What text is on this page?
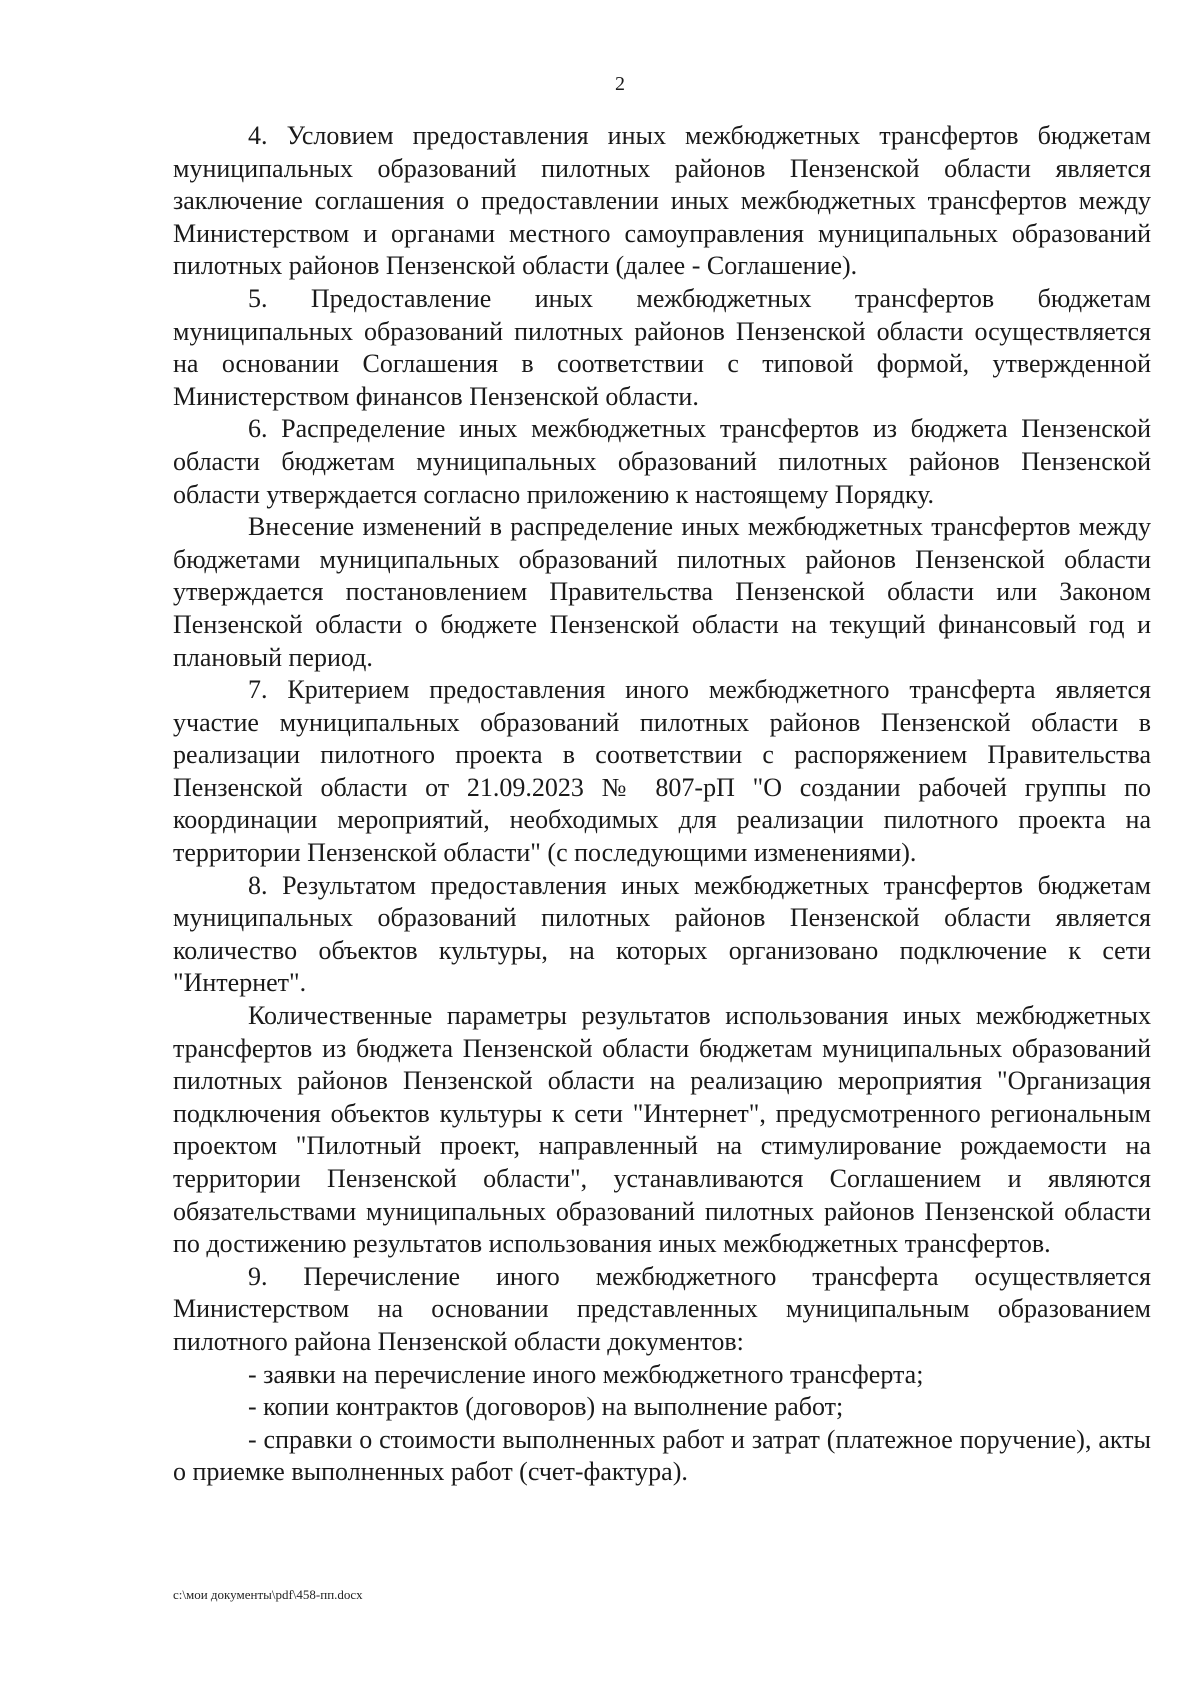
2

4. Условием предоставления иных межбюджетных трансфертов бюджетам муниципальных образований пилотных районов Пензенской области является заключение соглашения о предоставлении иных межбюджетных трансфертов между Министерством и органами местного самоуправления муниципальных образований пилотных районов Пензенской области (далее - Соглашение).

5. Предоставление иных межбюджетных трансфертов бюджетам муниципальных образований пилотных районов Пензенской области осуществляется на основании Соглашения в соответствии с типовой формой, утвержденной Министерством финансов Пензенской области.

6. Распределение иных межбюджетных трансфертов из бюджета Пензенской области бюджетам муниципальных образований пилотных районов Пензенской области утверждается согласно приложению к настоящему Порядку.

Внесение изменений в распределение иных межбюджетных трансфертов между бюджетами муниципальных образований пилотных районов Пензенской области утверждается постановлением Правительства Пензенской области или Законом Пензенской области о бюджете Пензенской области на текущий финансовый год и плановый период.

7. Критерием предоставления иного межбюджетного трансферта является участие муниципальных образований пилотных районов Пензенской области в реализации пилотного проекта в соответствии с распоряжением Правительства Пензенской области от 21.09.2023 № 807-рП "О создании рабочей группы по координации мероприятий, необходимых для реализации пилотного проекта на территории Пензенской области" (с последующими изменениями).

8. Результатом предоставления иных межбюджетных трансфертов бюджетам муниципальных образований пилотных районов Пензенской области является количество объектов культуры, на которых организовано подключение к сети "Интернет".

Количественные параметры результатов использования иных межбюджетных трансфертов из бюджета Пензенской области бюджетам муниципальных образований пилотных районов Пензенской области на реализацию мероприятия "Организация подключения объектов культуры к сети "Интернет", предусмотренного региональным проектом "Пилотный проект, направленный на стимулирование рождаемости на территории Пензенской области", устанавливаются Соглашением и являются обязательствами муниципальных образований пилотных районов Пензенской области по достижению результатов использования иных межбюджетных трансфертов.

9. Перечисление иного межбюджетного трансферта осуществляется Министерством на основании представленных муниципальным образованием пилотного района Пензенской области документов:

- заявки на перечисление иного межбюджетного трансферта;

- копии контрактов (договоров) на выполнение работ;

- справки о стоимости выполненных работ и затрат (платежное поручение), акты о приемке выполненных работ (счет-фактура).

c:\мои документы\pdf\458-пп.docx
